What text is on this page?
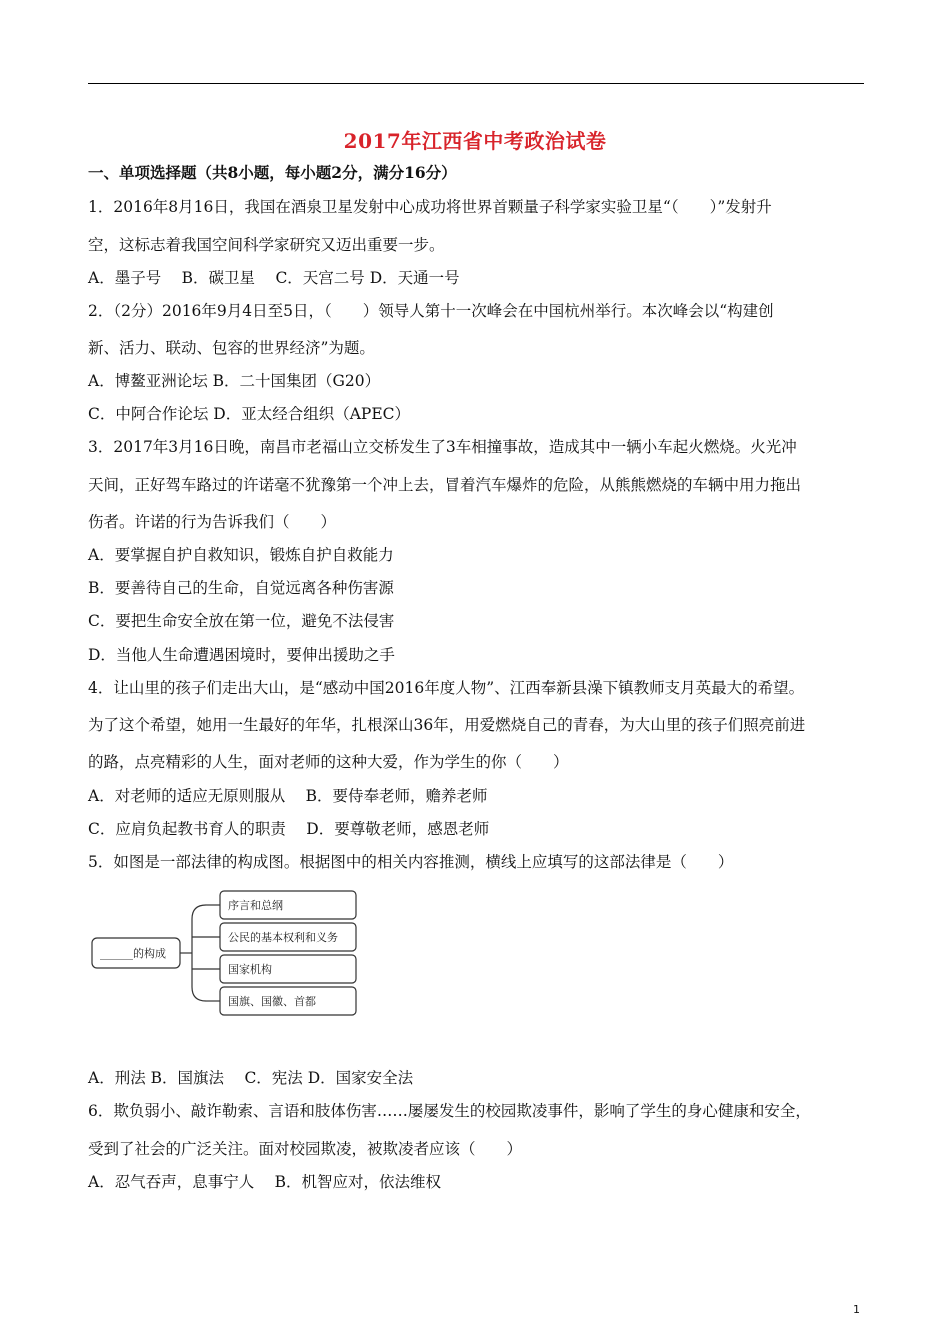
2017年江西省中考政治试卷
一、单项选择题（共8小题，每小题2分，满分16分）
1．2016年8月16日，我国在酒泉卫星发射中心成功将世界首颗量子科学家实验卫星“（　　）”发射升
空，这标志着我国空间科学家研究又迈出重要一步。
A．墨子号　 B．碳卫星　 C．天宫二号 D．天通一号
2．（2分）2016年9月4日至5日，（　　）领导人第十一次峰会在中国杭州举行。本次峰会以“构建创
新、活力、联动、包容的世界经济”为题。
A．博鳌亚洲论坛 B．二十国集团（G20）
C．中阿合作论坛 D．亚太经合组织（APEC）
3．2017年3月16日晚，南昌市老福山立交桥发生了3车相撞事故，造成其中一辆小车起火燃烧。火光冲
天间，正好驾车路过的许诺毫不犹豫第一个冲上去，冒着汽车爆炸的危险，从熊熊燃烧的车辆中用力拖出
伤者。许诺的行为告诉我们（　　）
A．要掌握自护自救知识，锻炼自护自救能力
B．要善待自己的生命，自觉远离各种伤害源
C．要把生命安全放在第一位，避免不法侵害
D．当他人生命遭遇困境时，要伸出援助之手
4．让山里的孩子们走出大山，是“感动中国2016年度人物”、江西奉新县澡下镇教师支月英最大的希望。
为了这个希望，她用一生最好的年华，扎根深山36年，用爱燃烧自己的青春，为大山里的孩子们照亮前进
的路，点亮精彩的人生，面对老师的这种大爱，作为学生的你（　　）
A．对老师的适应无原则服从　 B．要侍奉老师，赡养老师
C．应肩负起教书育人的职责　 D．要尊敬老师，感恩老师
5．如图是一部法律的构成图。根据图中的相关内容推测，横线上应填写的这部法律是（　　）
______的构成
序言和总纲
公民的基本权利和义务
国家机构
国旗、国徽、首都
A．刑法 B．国旗法　 C．宪法 D．国家安全法
6．欺负弱小、敲诈勒索、言语和肢体伤害……屡屡发生的校园欺凌事件，影响了学生的身心健康和安全，
受到了社会的广泛关注。面对校园欺凌，被欺凌者应该（　　）
A．忍气吞声，息事宁人　 B．机智应对，依法维权
1
